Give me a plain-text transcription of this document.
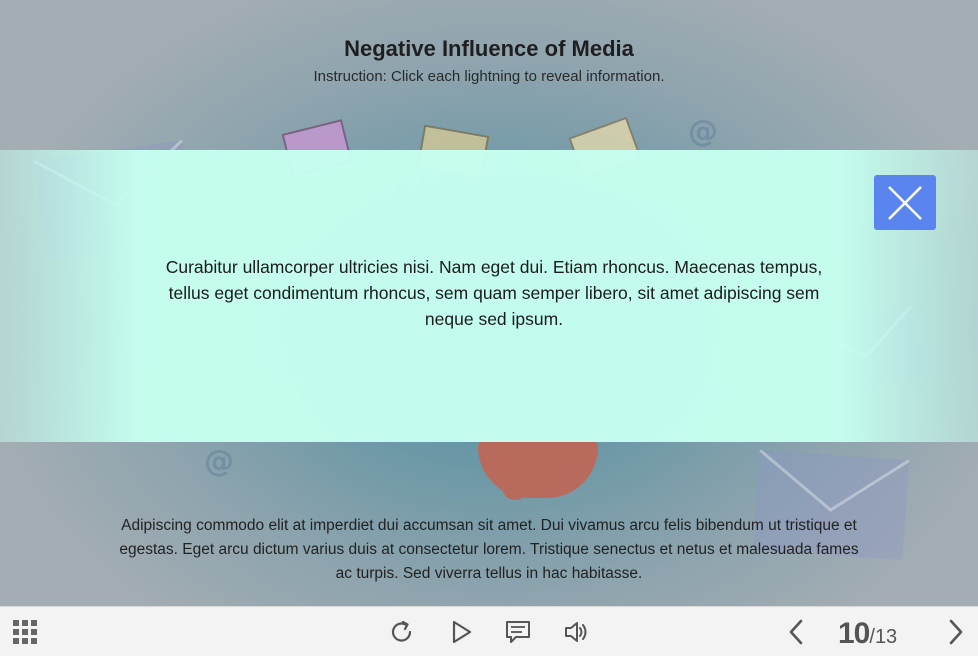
@
@
Negative Influence of Media
Instruction: Click each lightning to reveal information.
Adipiscing commodo elit at imperdiet dui accumsan sit amet. Dui vivamus arcu felis bibendum ut tristique et egestas. Eget arcu dictum varius duis at consectetur lorem. Tristique senectus et netus et malesuada fames ac turpis. Sed viverra tellus in hac habitasse.
Curabitur ullamcorper ultricies nisi. Nam eget dui. Etiam rhoncus. Maecenas tempus, tellus eget condimentum rhoncus, sem quam semper libero, sit amet adipiscing sem neque sed ipsum.
10/13
